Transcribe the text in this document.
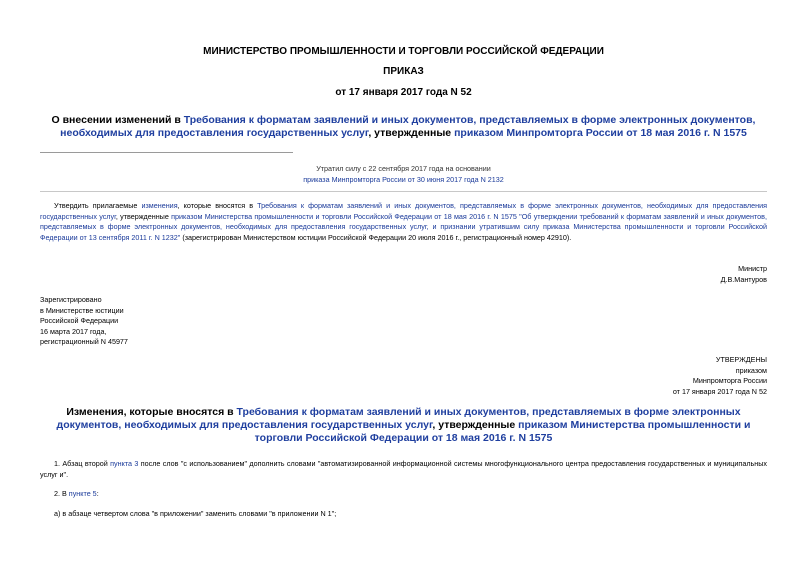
МИНИСТЕРСТВО ПРОМЫШЛЕННОСТИ И ТОРГОВЛИ РОССИЙСКОЙ ФЕДЕРАЦИИ
ПРИКАЗ
от 17 января 2017 года N 52
О внесении изменений в Требования к форматам заявлений и иных документов, представляемых в форме электронных документов, необходимых для предоставления государственных услуг, утвержденные приказом Минпромторга России от 18 мая 2016 г. N 1575
Утратил силу с 22 сентября 2017 года на основании
приказа Минпромторга России от 30 июня 2017 года N 2132
Утвердить прилагаемые изменения, которые вносятся в Требования к форматам заявлений и иных документов, представляемых в форме электронных документов, необходимых для предоставления государственных услуг, утвержденные приказом Министерства промышленности и торговли Российской Федерации от 18 мая 2016 г. N 1575 "Об утверждении требований к форматам заявлений и иных документов, представляемых в форме электронных документов, необходимых для предоставления государственных услуг, и признании утратившим силу приказа Министерства промышленности и торговли Российской Федерации от 13 сентября 2011 г. N 1232" (зарегистрирован Министерством юстиции Российской Федерации 20 июля 2016 г., регистрационный номер 42910).
Министр
Д.В.Мантуров
Зарегистрировано
в Министерстве юстиции
Российской Федерации
16 марта 2017 года,
регистрационный N 45977
УТВЕРЖДЕНЫ
приказом
Минпромторга России
от 17 января 2017 года N 52
Изменения, которые вносятся в Требования к форматам заявлений и иных документов, представляемых в форме электронных документов, необходимых для предоставления государственных услуг, утвержденные приказом Министерства промышленности и торговли Российской Федерации от 18 мая 2016 г. N 1575
1. Абзац второй пункта 3 после слов "с использованием" дополнить словами "автоматизированной информационной системы многофункционального центра предоставления государственных и муниципальных услуг и".
2. В пункте 5:
а) в абзаце четвертом слова "в приложении" заменить словами "в приложении N 1";
